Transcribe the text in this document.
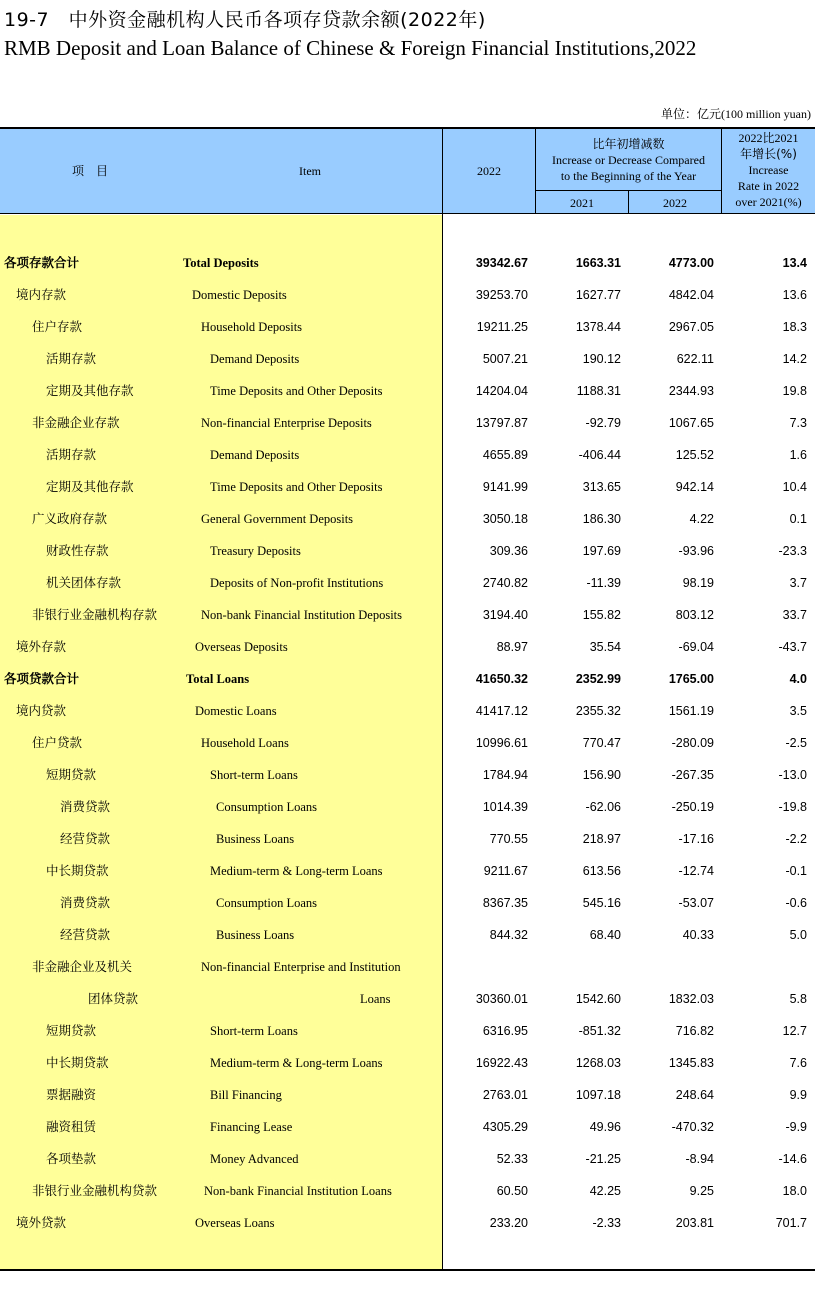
19-7　中外资金融机构人民币各项存贷款余额(2022年)
RMB Deposit and Loan Balance of Chinese & Foreign Financial Institutions,2022
单位：亿元(100 million yuan)
项　目	Item	2022
比年初增减数
Increase or Decrease Compared
to the Beginning of the Year
2021	2022
2022比2021
年增长(%)
Increase
Rate in 2022
over 2021(%)
各项存款合计	Total Deposits	39342.67	1663.31	4773.00	13.4
境内存款	Domestic Deposits	39253.70	1627.77	4842.04	13.6
住户存款	Household Deposits	19211.25	1378.44	2967.05	18.3
活期存款	Demand Deposits	5007.21	190.12	622.11	14.2
定期及其他存款	Time Deposits and Other Deposits	14204.04	1188.31	2344.93	19.8
非金融企业存款	Non-financial Enterprise Deposits	13797.87	-92.79	1067.65	7.3
活期存款	Demand Deposits	4655.89	-406.44	125.52	1.6
定期及其他存款	Time Deposits and Other Deposits	9141.99	313.65	942.14	10.4
广义政府存款	General Government Deposits	3050.18	186.30	4.22	0.1
财政性存款	Treasury Deposits	309.36	197.69	-93.96	-23.3
机关团体存款	Deposits of Non-profit Institutions	2740.82	-11.39	98.19	3.7
非银行业金融机构存款	Non-bank Financial Institution Deposits	3194.40	155.82	803.12	33.7
境外存款	Overseas Deposits	88.97	35.54	-69.04	-43.7
各项贷款合计	Total Loans	41650.32	2352.99	1765.00	4.0
境内贷款	Domestic Loans	41417.12	2355.32	1561.19	3.5
住户贷款	Household Loans	10996.61	770.47	-280.09	-2.5
短期贷款	Short-term Loans	1784.94	156.90	-267.35	-13.0
消费贷款	Consumption Loans	1014.39	-62.06	-250.19	-19.8
经营贷款	Business Loans	770.55	218.97	-17.16	-2.2
中长期贷款	Medium-term & Long-term Loans	9211.67	613.56	-12.74	-0.1
消费贷款	Consumption Loans	8367.35	545.16	-53.07	-0.6
经营贷款	Business Loans	844.32	68.40	40.33	5.0
非金融企业及机关	Non-financial Enterprise and Institution
团体贷款	Loans	30360.01	1542.60	1832.03	5.8
短期贷款	Short-term Loans	6316.95	-851.32	716.82	12.7
中长期贷款	Medium-term & Long-term Loans	16922.43	1268.03	1345.83	7.6
票据融资	Bill Financing	2763.01	1097.18	248.64	9.9
融资租赁	Financing Lease	4305.29	49.96	-470.32	-9.9
各项垫款	Money Advanced	52.33	-21.25	-8.94	-14.6
非银行业金融机构贷款	Non-bank Financial Institution Loans	60.50	42.25	9.25	18.0
境外贷款	Overseas Loans	233.20	-2.33	203.81	701.7
